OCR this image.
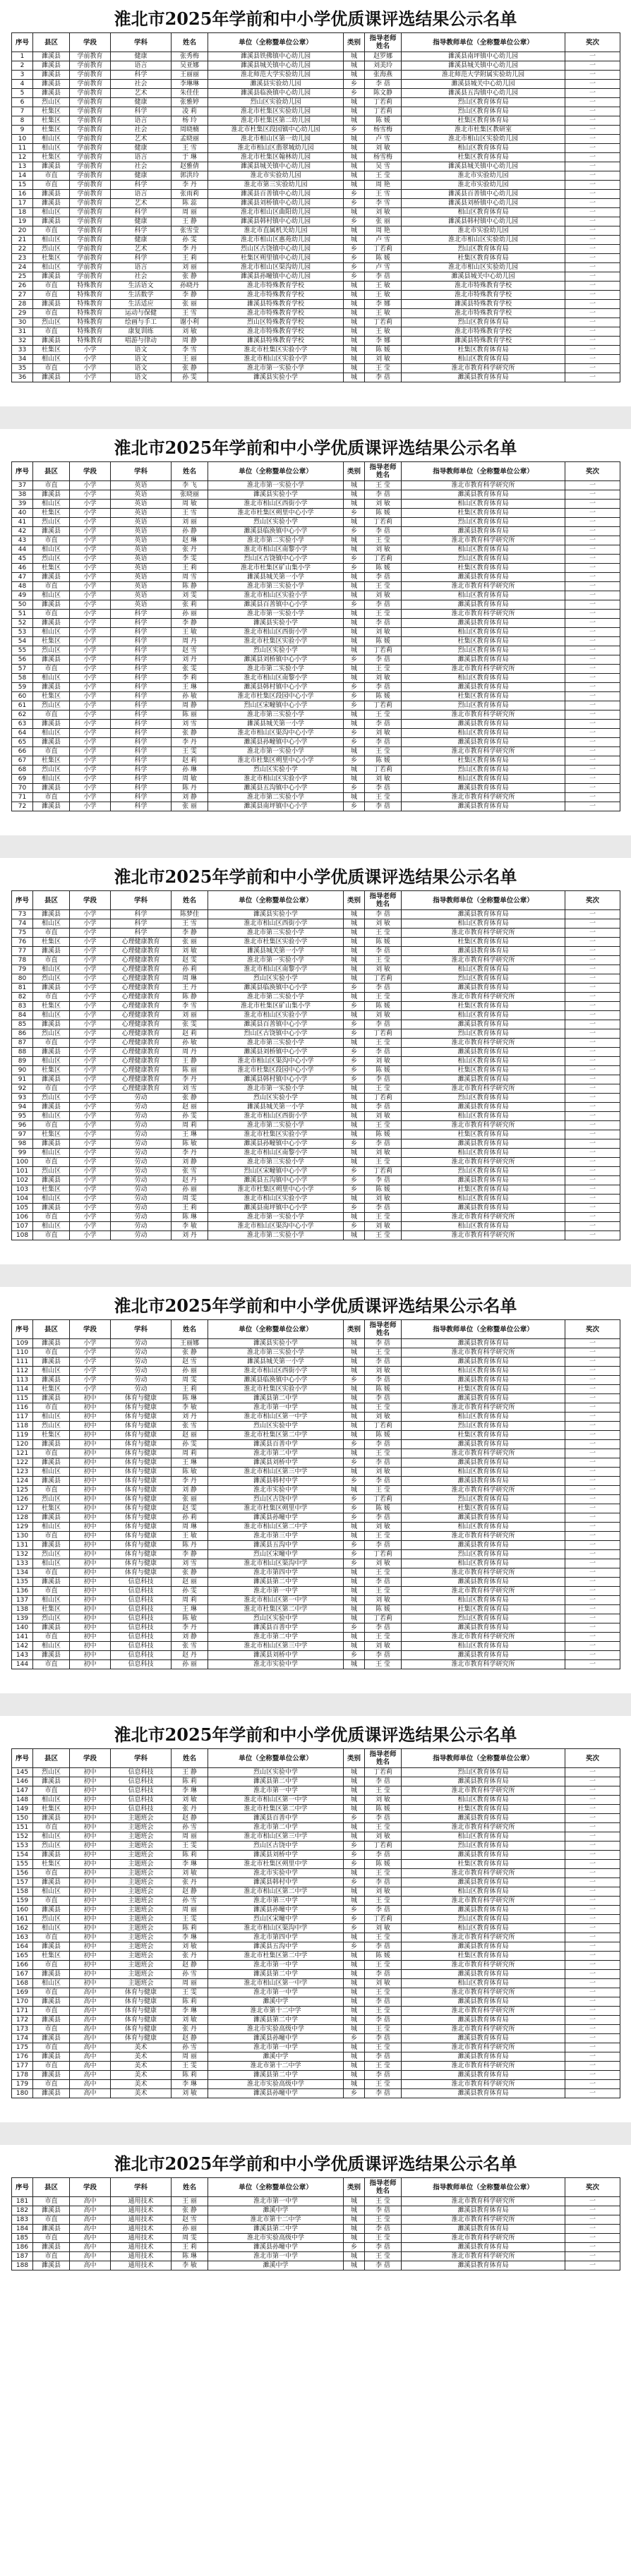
淮北市2025年学前和中小学优质课评选结果公示名单
序号	县区	学段	学科	姓名	单位（全称暨单位公章）	类别	指导老师姓名	指导教师单位（全称暨单位公章）	奖次
1	濉溪县	学前教育	健康	张秀梅	濉溪县铁佛镇中心幼儿园	城	赵罗娜	濉溪县南坪镇中心幼儿园	一
2	濉溪县	学前教育	语言	吴亚娜	濉溪县城关镇中心幼儿园	城	刘美玲	濉溪县城关镇中心幼儿园	一
3	濉溪县	学前教育	科学	王丽丽	淮北师范大学实验幼儿园	城	张海燕	淮北师范大学附属实验幼儿园	一
4	濉溪县	学前教育	社会	李琳琳	濉溪县实验幼儿园	乡	李 蓓	濉溪县城关中心幼儿园	一
5	濉溪县	学前教育	艺术	朱佳佳	濉溪县临涣镇中心幼儿园	乡	陈文静	濉溪县五沟镇中心幼儿园	一
6	烈山区	学前教育	健康	张雅婷	烈山区实验幼儿园	城	丁若莉	烈山区教育体育局	一
7	杜集区	学前教育	科学	凌 莉	淮北市杜集区实验幼儿园	城	丁若莉	烈山区教育体育局	一
8	杜集区	学前教育	语言	杨 玲	淮北市杜集区第二幼儿园	城	陈 媛	杜集区教育体育局	一
9	杜集区	学前教育	社会	周晓楠	淮北市杜集区段园镇中心幼儿园	乡	杨雪梅	淮北市杜集区教研室	一
10	相山区	学前教育	艺术	孟晓丽	淮北市相山区第一幼儿园	城	卢 雪	淮北市相山区实验幼儿园	一
11	相山区	学前教育	健康	王 雪	淮北市相山区翡翠城幼儿园	城	刘 敏	相山区教育体育局	一
12	杜集区	学前教育	语言	于 琳	淮北市杜集区翰林幼儿园	城	杨雪梅	杜集区教育体育局	一
13	濉溪县	学前教育	社会	赵雅倩	濉溪县城关镇中心幼儿园	城	吴 雪	濉溪县城关镇中心幼儿园	一
14	市直	学前教育	健康	郭洪玲	淮北市实验幼儿园	城	王 莹	淮北市实验幼儿园	一
15	市直	学前教育	科学	李 丹	淮北市第三实验幼儿园	城	周 艳	淮北市实验幼儿园	一
16	濉溪县	学前教育	语言	张雨莉	濉溪县百善镇中心幼儿园	乡	王 雪	濉溪县百善镇中心幼儿园	一
17	濉溪县	学前教育	艺术	陈 蕊	濉溪县刘桥镇中心幼儿园	乡	李 雪	濉溪县刘桥镇中心幼儿园	一
18	相山区	学前教育	科学	周 丽	淮北市相山区曲阳幼儿园	城	刘 敏	相山区教育体育局	一
19	濉溪县	学前教育	健康	王 静	濉溪县韩村镇中心幼儿园	乡	张 丽	濉溪县韩村镇中心幼儿园	一
20	市直	学前教育	科学	张雪莹	淮北市直属机关幼儿园	城	周 艳	淮北市实验幼儿园	一
21	相山区	学前教育	健康	孙 雯	淮北市相山区惠苑幼儿园	城	卢 雪	淮北市相山区实验幼儿园	一
22	烈山区	学前教育	艺术	李 丹	烈山区古饶镇中心幼儿园	乡	丁若莉	烈山区教育体育局	一
23	杜集区	学前教育	科学	王 莉	杜集区朔里镇中心幼儿园	乡	陈 媛	杜集区教育体育局	一
24	相山区	学前教育	语言	刘 丽	淮北市相山区渠沟幼儿园	乡	卢 雪	淮北市相山区实验幼儿园	一
25	濉溪县	学前教育	社会	张 静	濉溪县孙疃镇中心幼儿园	乡	李 蓓	濉溪县城关中心幼儿园	一
26	市直	特殊教育	生活语文	孙晓丹	淮北市特殊教育学校	城	王 敏	淮北市特殊教育学校	一
27	市直	特殊教育	生活数学	李 静	淮北市特殊教育学校	城	王 敏	淮北市特殊教育学校	一
28	濉溪县	特殊教育	生活适应	张 丽	濉溪县特殊教育学校	城	李 娜	濉溪县特殊教育学校	一
29	市直	特殊教育	运动与保健	王 雪	淮北市特殊教育学校	城	王 敏	淮北市特殊教育学校	一
30	烈山区	特殊教育	绘画与手工	谢小利	烈山区特殊教育学校	城	丁若莉	烈山区教育体育局	一
31	市直	特殊教育	康复训练	刘 敏	淮北市特殊教育学校	城	王 敏	淮北市特殊教育学校	一
32	濉溪县	特殊教育	唱游与律动	周 静	濉溪县特殊教育学校	城	李 娜	濉溪县特殊教育学校	一
33	杜集区	小学	语文	李 雪	淮北市杜集区实验小学	城	陈 媛	杜集区教育体育局	一
34	相山区	小学	语文	王 丽	淮北市相山区实验小学	城	刘 敏	相山区教育体育局	一
35	市直	小学	语文	张 静	淮北市第一实验小学	城	王 莹	淮北市教育科学研究所	一
36	濉溪县	小学	语文	孙 雯	濉溪县实验小学	城	李 蓓	濉溪县教育体育局	一
淮北市2025年学前和中小学优质课评选结果公示名单
序号	县区	学段	学科	姓名	单位（全称暨单位公章）	类别	指导老师姓名	指导教师单位（全称暨单位公章）	奖次
37	市直	小学	英语	李 飞	淮北市第一实验小学	城	王 莹	淮北市教育科学研究所	一
38	濉溪县	小学	英语	张晓丽	濉溪县实验小学	城	李 蓓	濉溪县教育体育局	一
39	相山区	小学	英语	周 敏	淮北市相山区西街小学	城	刘 敏	相山区教育体育局	一
40	杜集区	小学	英语	王 雪	淮北市杜集区朔里中心小学	乡	陈 媛	杜集区教育体育局	一
41	烈山区	小学	英语	刘 丽	烈山区实验小学	城	丁若莉	烈山区教育体育局	一
42	濉溪县	小学	英语	孙 静	濉溪县临涣镇中心小学	乡	李 蓓	濉溪县教育体育局	一
43	市直	小学	英语	赵 琳	淮北市第二实验小学	城	王 莹	淮北市教育科学研究所	一
44	相山区	小学	英语	张 丹	淮北市相山区南黎小学	城	刘 敏	相山区教育体育局	一
45	烈山区	小学	英语	李 雯	烈山区古饶镇中心小学	乡	丁若莉	烈山区教育体育局	一
46	杜集区	小学	英语	王 莉	淮北市杜集区矿山集小学	乡	陈 媛	杜集区教育体育局	一
47	濉溪县	小学	英语	周 雪	濉溪县城关第一小学	城	李 蓓	濉溪县教育体育局	一
48	市直	小学	英语	陈 静	淮北市第三实验小学	城	王 莹	淮北市教育科学研究所	一
49	相山区	小学	英语	刘 雯	淮北市相山区实验小学	城	刘 敏	相山区教育体育局	一
50	濉溪县	小学	英语	张 莉	濉溪县百善镇中心小学	乡	李 蓓	濉溪县教育体育局	一
51	市直	小学	科学	孙 丽	淮北市第一实验小学	城	王 莹	淮北市教育科学研究所	一
52	濉溪县	小学	科学	李 静	濉溪县实验小学	城	李 蓓	濉溪县教育体育局	一
53	相山区	小学	科学	王 敏	淮北市相山区西街小学	城	刘 敏	相山区教育体育局	一
54	杜集区	小学	科学	周 丹	淮北市杜集区实验小学	城	陈 媛	杜集区教育体育局	一
55	烈山区	小学	科学	赵 雪	烈山区实验小学	城	丁若莉	烈山区教育体育局	一
56	濉溪县	小学	科学	刘 丹	濉溪县刘桥镇中心小学	乡	李 蓓	濉溪县教育体育局	一
57	市直	小学	科学	张 雯	淮北市第二实验小学	城	王 莹	淮北市教育科学研究所	一
58	相山区	小学	科学	李 莉	淮北市相山区南黎小学	城	刘 敏	相山区教育体育局	一
59	濉溪县	小学	科学	王 琳	濉溪县韩村镇中心小学	乡	李 蓓	濉溪县教育体育局	一
60	杜集区	小学	科学	孙 敏	淮北市杜集区段园中心小学	乡	陈 媛	杜集区教育体育局	一
61	烈山区	小学	科学	周 静	烈山区宋疃镇中心小学	乡	丁若莉	烈山区教育体育局	一
62	市直	小学	科学	陈 丽	淮北市第三实验小学	城	王 莹	淮北市教育科学研究所	一
63	濉溪县	小学	科学	刘 雪	濉溪县城关第一小学	城	李 蓓	濉溪县教育体育局	一
64	相山区	小学	科学	张 静	淮北市相山区渠沟中心小学	乡	刘 敏	相山区教育体育局	一
65	濉溪县	小学	科学	李 丹	濉溪县孙疃镇中心小学	乡	李 蓓	濉溪县教育体育局	一
66	市直	小学	科学	王 雯	淮北市第一实验小学	城	王 莹	淮北市教育科学研究所	一
67	杜集区	小学	科学	赵 莉	淮北市杜集区朔里中心小学	乡	陈 媛	杜集区教育体育局	一
68	烈山区	小学	科学	孙 琳	烈山区实验小学	城	丁若莉	烈山区教育体育局	一
69	相山区	小学	科学	周 敏	淮北市相山区实验小学	城	刘 敏	相山区教育体育局	一
70	濉溪县	小学	科学	陈 丹	濉溪县五沟镇中心小学	乡	李 蓓	濉溪县教育体育局	一
71	市直	小学	科学	刘 静	淮北市第二实验小学	城	王 莹	淮北市教育科学研究所	一
72	濉溪县	小学	科学	张 丽	濉溪县南坪镇中心小学	乡	李 蓓	濉溪县教育体育局	一
淮北市2025年学前和中小学优质课评选结果公示名单
序号	县区	学段	学科	姓名	单位（全称暨单位公章）	类别	指导老师姓名	指导教师单位（全称暨单位公章）	奖次
73	濉溪县	小学	科学	陈梦佳	濉溪县实验小学	城	李 蓓	濉溪县教育体育局	一
74	相山区	小学	科学	王 雪	淮北市相山区西街小学	城	刘 敏	相山区教育体育局	一
75	市直	小学	科学	李 静	淮北市第三实验小学	城	王 莹	淮北市教育科学研究所	一
76	杜集区	小学	心理健康教育	张 丽	淮北市杜集区实验小学	城	陈 媛	杜集区教育体育局	一
77	濉溪县	小学	心理健康教育	刘 敏	濉溪县城关第一小学	城	李 蓓	濉溪县教育体育局	一
78	市直	小学	心理健康教育	赵 雯	淮北市第一实验小学	城	王 莹	淮北市教育科学研究所	一
79	相山区	小学	心理健康教育	孙 莉	淮北市相山区南黎小学	城	刘 敏	相山区教育体育局	一
80	烈山区	小学	心理健康教育	周 琳	烈山区实验小学	城	丁若莉	烈山区教育体育局	一
81	濉溪县	小学	心理健康教育	王 丹	濉溪县临涣镇中心小学	乡	李 蓓	濉溪县教育体育局	一
82	市直	小学	心理健康教育	陈 静	淮北市第二实验小学	城	王 莹	淮北市教育科学研究所	一
83	杜集区	小学	心理健康教育	李 雪	淮北市杜集区矿山集小学	乡	陈 媛	杜集区教育体育局	一
84	相山区	小学	心理健康教育	刘 丽	淮北市相山区实验小学	城	刘 敏	相山区教育体育局	一
85	濉溪县	小学	心理健康教育	张 雯	濉溪县百善镇中心小学	乡	李 蓓	濉溪县教育体育局	一
86	烈山区	小学	心理健康教育	赵 莉	烈山区古饶镇中心小学	乡	丁若莉	烈山区教育体育局	一
87	市直	小学	心理健康教育	孙 敏	淮北市第三实验小学	城	王 莹	淮北市教育科学研究所	一
88	濉溪县	小学	心理健康教育	周 丹	濉溪县刘桥镇中心小学	乡	李 蓓	濉溪县教育体育局	一
89	相山区	小学	心理健康教育	王 静	淮北市相山区渠沟中心小学	乡	刘 敏	相山区教育体育局	一
90	杜集区	小学	心理健康教育	陈 丽	淮北市杜集区段园中心小学	乡	陈 媛	杜集区教育体育局	一
91	濉溪县	小学	心理健康教育	李 丹	濉溪县韩村镇中心小学	乡	李 蓓	濉溪县教育体育局	一
92	市直	小学	心理健康教育	刘 雪	淮北市第一实验小学	城	王 莹	淮北市教育科学研究所	一
93	烈山区	小学	劳动	张 静	烈山区实验小学	城	丁若莉	烈山区教育体育局	一
94	濉溪县	小学	劳动	赵 丽	濉溪县城关第一小学	城	李 蓓	濉溪县教育体育局	一
95	相山区	小学	劳动	孙 雯	淮北市相山区西街小学	城	刘 敏	相山区教育体育局	一
96	市直	小学	劳动	周 莉	淮北市第二实验小学	城	王 莹	淮北市教育科学研究所	一
97	杜集区	小学	劳动	王 琳	淮北市杜集区实验小学	城	陈 媛	杜集区教育体育局	一
98	濉溪县	小学	劳动	陈 敏	濉溪县孙疃镇中心小学	乡	李 蓓	濉溪县教育体育局	一
99	相山区	小学	劳动	李 丹	淮北市相山区南黎小学	城	刘 敏	相山区教育体育局	一
100	市直	小学	劳动	刘 静	淮北市第三实验小学	城	王 莹	淮北市教育科学研究所	一
101	烈山区	小学	劳动	张 雪	烈山区宋疃镇中心小学	乡	丁若莉	烈山区教育体育局	一
102	濉溪县	小学	劳动	赵 丹	濉溪县五沟镇中心小学	乡	李 蓓	濉溪县教育体育局	一
103	杜集区	小学	劳动	孙 丽	淮北市杜集区朔里中心小学	乡	陈 媛	杜集区教育体育局	一
104	相山区	小学	劳动	周 雯	淮北市相山区实验小学	城	刘 敏	相山区教育体育局	一
105	濉溪县	小学	劳动	王 莉	濉溪县南坪镇中心小学	乡	李 蓓	濉溪县教育体育局	一
106	市直	小学	劳动	陈 琳	淮北市第一实验小学	城	王 莹	淮北市教育科学研究所	一
107	相山区	小学	劳动	李 敏	淮北市相山区渠沟中心小学	乡	刘 敏	相山区教育体育局	一
108	市直	小学	劳动	刘 丹	淮北市第二实验小学	城	王 莹	淮北市教育科学研究所	一
淮北市2025年学前和中小学优质课评选结果公示名单
序号	县区	学段	学科	姓名	单位（全称暨单位公章）	类别	指导老师姓名	指导教师单位（全称暨单位公章）	奖次
109	濉溪县	小学	劳动	王丽娜	濉溪县实验小学	城	李 蓓	濉溪县教育体育局	一
110	市直	小学	劳动	张 静	淮北市第三实验小学	城	王 莹	淮北市教育科学研究所	一
111	濉溪县	小学	劳动	赵 雪	濉溪县城关第一小学	城	李 蓓	濉溪县教育体育局	一
112	相山区	小学	劳动	孙 丽	淮北市相山区西街小学	城	刘 敏	相山区教育体育局	一
113	濉溪县	小学	劳动	周 雯	濉溪县临涣镇中心小学	乡	李 蓓	濉溪县教育体育局	一
114	杜集区	小学	劳动	王 莉	淮北市杜集区实验小学	城	陈 媛	杜集区教育体育局	一
115	濉溪县	初中	体育与健康	陈 琳	濉溪县第二中学	城	李 蓓	濉溪县教育体育局	一
116	市直	初中	体育与健康	李 敏	淮北市第一中学	城	王 莹	淮北市教育科学研究所	一
117	相山区	初中	体育与健康	刘 丹	淮北市相山区第一中学	城	刘 敏	相山区教育体育局	一
118	烈山区	初中	体育与健康	张 雪	烈山区实验中学	城	丁若莉	烈山区教育体育局	一
119	杜集区	初中	体育与健康	赵 丽	淮北市杜集区第二中学	城	陈 媛	杜集区教育体育局	一
120	濉溪县	初中	体育与健康	孙 雯	濉溪县百善中学	乡	李 蓓	濉溪县教育体育局	一
121	市直	初中	体育与健康	周 莉	淮北市第二中学	城	王 莹	淮北市教育科学研究所	一
122	濉溪县	初中	体育与健康	王 琳	濉溪县刘桥中学	乡	李 蓓	濉溪县教育体育局	一
123	相山区	初中	体育与健康	陈 敏	淮北市相山区第三中学	城	刘 敏	相山区教育体育局	一
124	濉溪县	初中	体育与健康	李 丹	濉溪县韩村中学	乡	李 蓓	濉溪县教育体育局	一
125	市直	初中	体育与健康	刘 静	淮北市实验中学	城	王 莹	淮北市教育科学研究所	一
126	烈山区	初中	体育与健康	张 丽	烈山区古饶中学	乡	丁若莉	烈山区教育体育局	一
127	杜集区	初中	体育与健康	赵 雯	淮北市杜集区朔里中学	乡	陈 媛	杜集区教育体育局	一
128	濉溪县	初中	体育与健康	孙 莉	濉溪县孙疃中学	乡	李 蓓	濉溪县教育体育局	一
129	相山区	初中	体育与健康	周 琳	淮北市相山区第二中学	城	刘 敏	相山区教育体育局	一
130	市直	初中	体育与健康	王 敏	淮北市第三中学	城	王 莹	淮北市教育科学研究所	一
131	濉溪县	初中	体育与健康	陈 丹	濉溪县五沟中学	乡	李 蓓	濉溪县教育体育局	一
132	烈山区	初中	体育与健康	李 静	烈山区宋疃中学	乡	丁若莉	烈山区教育体育局	一
133	相山区	初中	体育与健康	刘 雪	淮北市相山区渠沟中学	乡	刘 敏	相山区教育体育局	一
134	市直	初中	体育与健康	张 静	淮北市第四中学	城	王 莹	淮北市教育科学研究所	一
135	濉溪县	初中	信息科技	赵 丽	濉溪县第二中学	城	李 蓓	濉溪县教育体育局	一
136	市直	初中	信息科技	孙 雯	淮北市第一中学	城	王 莹	淮北市教育科学研究所	一
137	相山区	初中	信息科技	周 莉	淮北市相山区第一中学	城	刘 敏	相山区教育体育局	一
138	杜集区	初中	信息科技	王 琳	淮北市杜集区第二中学	城	陈 媛	杜集区教育体育局	一
139	烈山区	初中	信息科技	陈 敏	烈山区实验中学	城	丁若莉	烈山区教育体育局	一
140	濉溪县	初中	信息科技	李 丹	濉溪县百善中学	乡	李 蓓	濉溪县教育体育局	一
141	市直	初中	信息科技	刘 静	淮北市第二中学	城	王 莹	淮北市教育科学研究所	一
142	相山区	初中	信息科技	张 雪	淮北市相山区第三中学	城	刘 敏	相山区教育体育局	一
143	濉溪县	初中	信息科技	赵 丹	濉溪县刘桥中学	乡	李 蓓	濉溪县教育体育局	一
144	市直	初中	信息科技	孙 丽	淮北市实验中学	城	王 莹	淮北市教育科学研究所	一
淮北市2025年学前和中小学优质课评选结果公示名单
序号	县区	学段	学科	姓名	单位（全称暨单位公章）	类别	指导老师姓名	指导教师单位（全称暨单位公章）	奖次
145	烈山区	初中	信息科技	王 静	烈山区实验中学	城	丁若莉	烈山区教育体育局	一
146	濉溪县	初中	信息科技	陈 莉	濉溪县第二中学	城	李 蓓	濉溪县教育体育局	一
147	市直	初中	信息科技	李 琳	淮北市第一中学	城	王 莹	淮北市教育科学研究所	一
148	相山区	初中	信息科技	刘 敏	淮北市相山区第一中学	城	刘 敏	相山区教育体育局	一
149	杜集区	初中	信息科技	张 丹	淮北市杜集区第二中学	城	陈 媛	杜集区教育体育局	一
150	濉溪县	初中	主题班会	赵 静	濉溪县百善中学	乡	李 蓓	濉溪县教育体育局	一
151	市直	初中	主题班会	孙 雪	淮北市第二中学	城	王 莹	淮北市教育科学研究所	一
152	相山区	初中	主题班会	周 丽	淮北市相山区第三中学	城	刘 敏	相山区教育体育局	一
153	烈山区	初中	主题班会	王 雯	烈山区古饶中学	乡	丁若莉	烈山区教育体育局	一
154	濉溪县	初中	主题班会	陈 莉	濉溪县刘桥中学	乡	李 蓓	濉溪县教育体育局	一
155	杜集区	初中	主题班会	李 琳	淮北市杜集区朔里中学	乡	陈 媛	杜集区教育体育局	一
156	市直	初中	主题班会	刘 敏	淮北市实验中学	城	王 莹	淮北市教育科学研究所	一
157	濉溪县	初中	主题班会	张 丹	濉溪县韩村中学	乡	李 蓓	濉溪县教育体育局	一
158	相山区	初中	主题班会	赵 静	淮北市相山区第二中学	城	刘 敏	相山区教育体育局	一
159	市直	初中	主题班会	孙 雪	淮北市第三中学	城	王 莹	淮北市教育科学研究所	一
160	濉溪县	初中	主题班会	周 丽	濉溪县孙疃中学	乡	李 蓓	濉溪县教育体育局	一
161	烈山区	初中	主题班会	王 雯	烈山区宋疃中学	乡	丁若莉	烈山区教育体育局	一
162	相山区	初中	主题班会	陈 莉	淮北市相山区渠沟中学	乡	刘 敏	相山区教育体育局	一
163	市直	初中	主题班会	李 琳	淮北市第四中学	城	王 莹	淮北市教育科学研究所	一
164	濉溪县	初中	主题班会	刘 敏	濉溪县五沟中学	乡	李 蓓	濉溪县教育体育局	一
165	杜集区	初中	主题班会	张 丹	淮北市杜集区第二中学	城	陈 媛	杜集区教育体育局	一
166	市直	初中	主题班会	赵 静	淮北市第一中学	城	王 莹	淮北市教育科学研究所	一
167	濉溪县	初中	主题班会	孙 雪	濉溪县第二中学	城	李 蓓	濉溪县教育体育局	一
168	相山区	初中	主题班会	周 丽	淮北市相山区第一中学	城	刘 敏	相山区教育体育局	一
169	市直	高中	体育与健康	王 雯	淮北市第一中学	城	王 莹	淮北市教育科学研究所	一
170	濉溪县	高中	体育与健康	陈 莉	濉溪中学	城	李 蓓	濉溪县教育体育局	一
171	市直	高中	体育与健康	李 琳	淮北市第十二中学	城	王 莹	淮北市教育科学研究所	一
172	濉溪县	高中	体育与健康	刘 敏	濉溪县第二中学	城	李 蓓	濉溪县教育体育局	一
173	市直	高中	体育与健康	张 丹	淮北市实验高级中学	城	王 莹	淮北市教育科学研究所	一
174	濉溪县	高中	体育与健康	赵 静	濉溪县孙疃中学	乡	李 蓓	濉溪县教育体育局	一
175	市直	高中	美术	孙 雪	淮北市第一中学	城	王 莹	淮北市教育科学研究所	一
176	濉溪县	高中	美术	周 丽	濉溪中学	城	李 蓓	濉溪县教育体育局	一
177	市直	高中	美术	王 雯	淮北市第十二中学	城	王 莹	淮北市教育科学研究所	一
178	濉溪县	高中	美术	陈 莉	濉溪县第二中学	城	李 蓓	濉溪县教育体育局	一
179	市直	高中	美术	李 琳	淮北市实验高级中学	城	王 莹	淮北市教育科学研究所	一
180	濉溪县	高中	美术	刘 敏	濉溪县孙疃中学	乡	李 蓓	濉溪县教育体育局	一
淮北市2025年学前和中小学优质课评选结果公示名单
序号	县区	学段	学科	姓名	单位（全称暨单位公章）	类别	指导老师姓名	指导教师单位（全称暨单位公章）	奖次
181	市直	高中	通用技术	王 丽	淮北市第一中学	城	王 莹	淮北市教育科学研究所	一
182	濉溪县	高中	通用技术	张 静	濉溪中学	城	李 蓓	濉溪县教育体育局	一
183	市直	高中	通用技术	赵 雪	淮北市第十二中学	城	王 莹	淮北市教育科学研究所	一
184	濉溪县	高中	通用技术	孙 丽	濉溪县第二中学	城	李 蓓	濉溪县教育体育局	一
185	市直	高中	通用技术	周 雯	淮北市实验高级中学	城	王 莹	淮北市教育科学研究所	一
186	濉溪县	高中	通用技术	王 莉	濉溪县孙疃中学	乡	李 蓓	濉溪县教育体育局	一
187	市直	高中	通用技术	陈 琳	淮北市第一中学	城	王 莹	淮北市教育科学研究所	一
188	濉溪县	高中	通用技术	李 敏	濉溪中学	城	李 蓓	濉溪县教育体育局	一
